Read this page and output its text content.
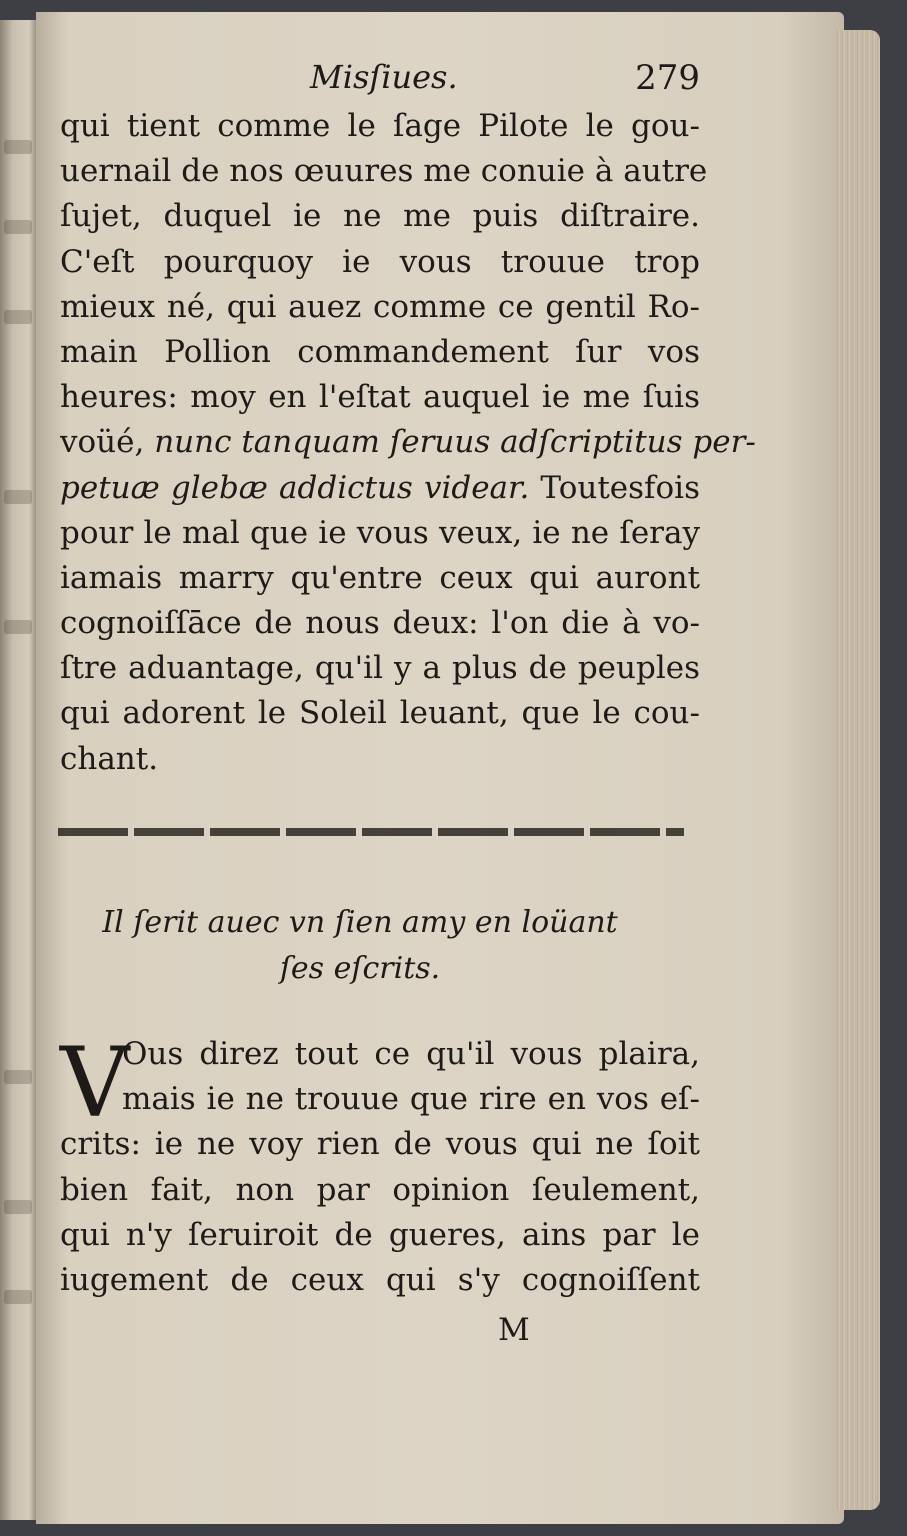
Misſiues.	279
qui tient comme le ſage Pilote le gou-
uernail de nos œuures me conuie à autre
ſujet, duquel ie ne me puis diſtraire.
C'eſt pourquoy ie vous trouue trop
mieux né, qui auez comme ce gentil Ro-
main Pollion commandement ſur vos
heures: moy en l'eſtat auquel ie me ſuis
voüé, nunc tanquam ſeruus adſcriptitus per-
petuæ glebæ addictus videar. Toutesfois
pour le mal que ie vous veux, ie ne ſeray
iamais marry qu'entre ceux qui auront
cognoiſſāce de nous deux: l'on die à vo-
ſtre aduantage, qu'il y a plus de peuples
qui adorent le Soleil leuant, que le cou-
chant.
Il ſerit auec vn ſien amy en loüant
ſes eſcrits.
V
Ous direz tout ce qu'il vous plaira,
mais ie ne trouue que rire en vos eſ-
crits: ie ne voy rien de vous qui ne ſoit
bien fait, non par opinion ſeulement,
qui n'y ſeruiroit de gueres, ains par le
iugement de ceux qui s'y cognoiſſent
M
